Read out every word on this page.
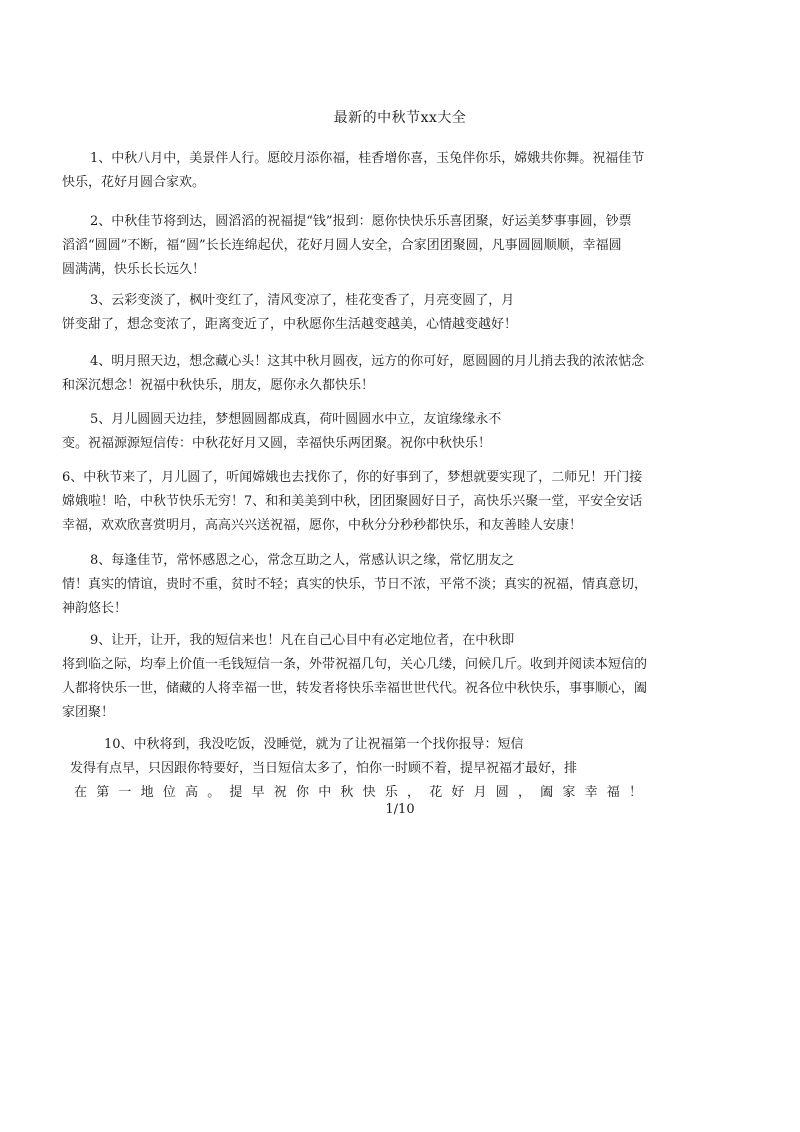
最新的中秋节xx大全

1、中秋八月中，美景伴人行。愿皎月添你福，桂香增你喜，玉兔伴你乐，嫦娥共你舞。祝福佳节
快乐，花好月圆合家欢。

2、中秋佳节将到达，圆滔滔的祝福提“钱”报到：愿你快快乐乐喜团聚，好运美梦事事圆，钞票
滔滔“圆圆”不断，福“圆”长长连绵起伏，花好月圆人安全，合家团团聚圆，凡事圆圆顺顺，幸福圆
圆满满，快乐长长远久！

3、云彩变淡了，枫叶变红了，清风变凉了，桂花变香了，月亮变圆了，月
饼变甜了，想念变浓了，距离变近了，中秋愿你生活越变越美，心情越变越好！

4、明月照天边，想念藏心头！这其中秋月圆夜，远方的你可好，愿圆圆的月儿捎去我的浓浓惦念
和深沉想念！祝福中秋快乐，朋友，愿你永久都快乐！

5、月儿圆圆天边挂，梦想圆圆都成真，荷叶圆圆水中立，友谊缘缘永不
变。祝福源源短信传：中秋花好月又圆，幸福快乐两团聚。祝你中秋快乐！

6、中秋节来了，月儿圆了，听闻嫦娥也去找你了，你的好事到了，梦想就要实现了，二师兄！开门接
嫦娥啦！哈，中秋节快乐无穷！7、和和美美到中秋，团团聚圆好日子，高快乐兴聚一堂，平安全安话
幸福，欢欢欣喜赏明月，高高兴兴送祝福，愿你，中秋分分秒秒都快乐，和友善睦人安康！

8、每逢佳节，常怀感恩之心，常念互助之人，常感认识之缘，常忆朋友之
情！真实的情谊，贵时不重，贫时不轻；真实的快乐，节日不浓，平常不淡；真实的祝福，情真意切，
神韵悠长！

9、让开，让开，我的短信来也！凡在自己心目中有必定地位者，在中秋即
将到临之际，均奉上价值一毛钱短信一条，外带祝福几句，关心几缕，问候几斤。收到并阅读本短信的
人都将快乐一世，储藏的人将幸福一世，转发者将快乐幸福世世代代。祝各位中秋快乐，事事顺心，阖
家团聚！

10、中秋将到，我没吃饭，没睡觉，就为了让祝福第一个找你报导：短信
发得有点早，只因跟你特要好，当日短信太多了，怕你一时顾不着，提早祝福才最好，排
在第一地位高。提早祝你中秋快乐，花好月圆，阖家幸福！

1/10
